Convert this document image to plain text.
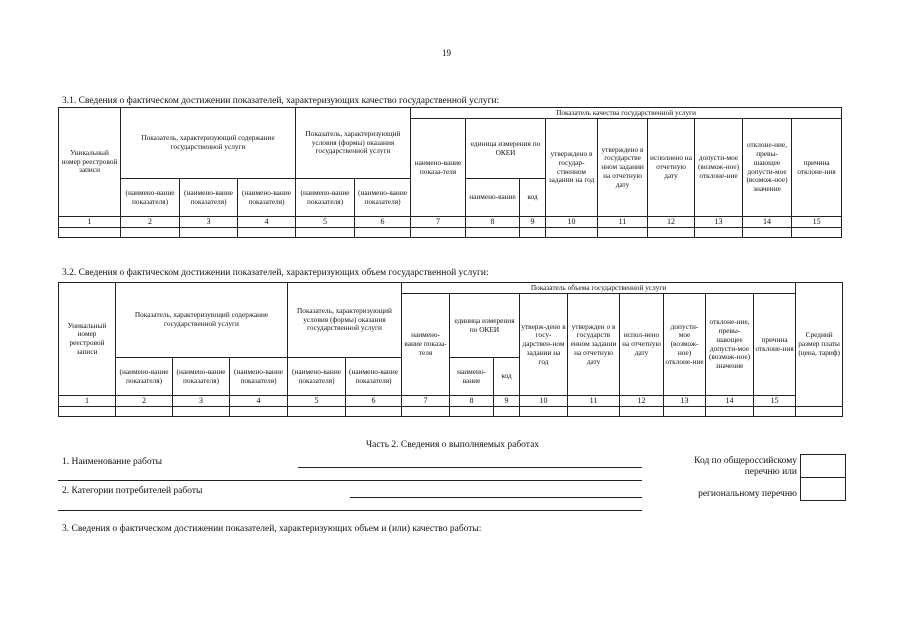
19
3.1. Сведения о фактическом достижении показателей, характеризующих качество государственной услуги:
Уникальный номер реестровой записи	Показатель, характеризующий содержание государственной услуги			Показатель, характеризующий условия (формы) оказания государственной услуги		Показатель качества государственной услуги								
						наимено-вание показа-теля	единица измерения по ОКЕИ		утверждено в государ-ственном задании на год	утверждено в государстве нном задании на отчетную дату	исполнено на отчетную дату	допусти-мое (возмож-ное) отклоне-ние	отклоне-ние, превы-шающее допусти-мое (возмож-ное) значение	причина отклоне-ния

	(наимено-вание показателя)	(наимено-вание показателя)	(наимено-вание показателя)	(наимено-вание показателя)	(наимено-вание показателя)		наимено-вание	код						
1	2	3	4	5	6	7	8	9	10	11	12	13	14	15

3.2. Сведения о фактическом достижении показателей, характеризующих объем государственной услуги:
Уникальный номер реестровой записи	Показатель, характеризующий содержание государственной услуги			Показатель, характеризующий условия (формы) оказания государственной услуги		Показатель объема государственной услуги									Средний размер платы (цена, тариф)	
						наимено-вание показа-теля	единица измерения по ОКЕИ		утверж-дено в госу-дарствен-ном задании на год	утвержден о в государств енном задании на отчетную дату	испол-нено на отчетную дату	допусти-мое (возмож-ное) отклоне-ние	отклоне-ние, превы-шающее допусти-мое (возмож-ное) значение	причина отклоне-ния		

	(наимено-вание показателя)	(наимено-вание показателя)	(наимено-вание показателя)	(наимено-вание показателя)	(наимено-вание показателя)		наимено-вание	код								
1	2	3	4	5	6	7	8	9	10	11	12	13	14	15	

Часть 2. Сведения о выполняемых работах
1. Наименование работы
2. Категории потребителей работы
Код по общероссийскому
перечню или
региональному перечню
3. Сведения о фактическом достижении показателей, характеризующих объем и (или) качество работы:
